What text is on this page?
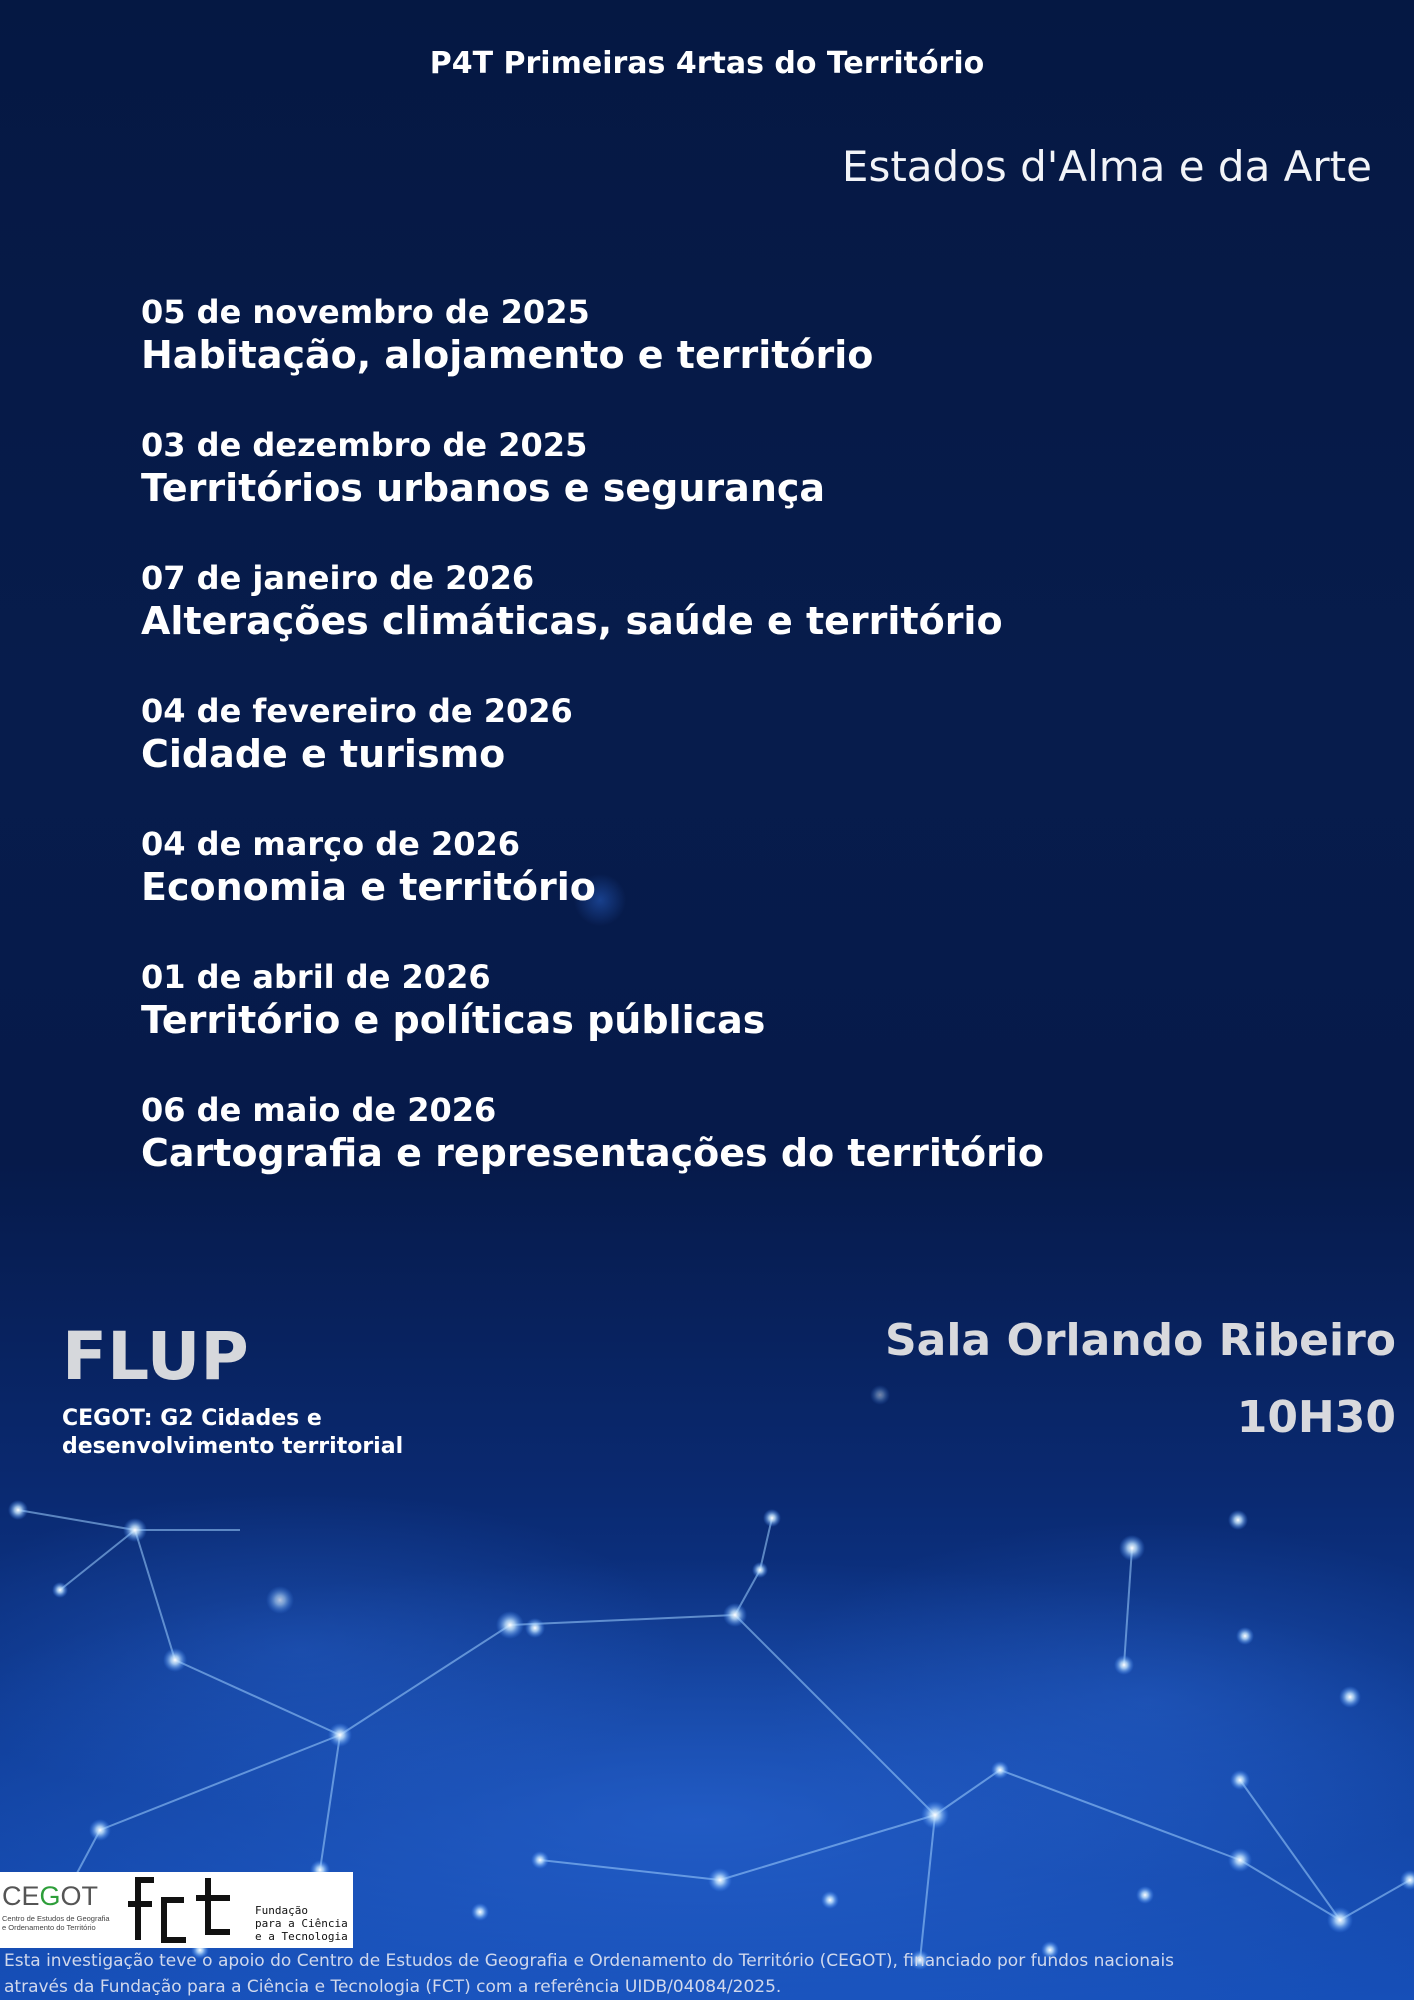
P4T Primeiras 4rtas do Território
Estados d'Alma e da Arte
05 de novembro de 2025
Habitação, alojamento e território
03 de dezembro de 2025
Territórios urbanos e segurança
07 de janeiro de 2026
Alterações climáticas, saúde e território
04 de fevereiro de 2026
Cidade e turismo
04 de março de 2026
Economia e território
01 de abril de 2026
Território e políticas públicas
06 de maio de 2026
Cartografia e representações do território
FLUP
CEGOT: G2 Cidades e
desenvolvimento territorial
Sala Orlando Ribeiro
10H30
CEGOT
Centro de Estudos de Geografia
e Ordenamento do Território
Fundação
para a Ciência
e a Tecnologia
Esta investigação teve o apoio do Centro de Estudos de Geografia e Ordenamento do Território (CEGOT), financiado por fundos nacionais
através da Fundação para a Ciência e Tecnologia (FCT) com a referência UIDB/04084/2025.
